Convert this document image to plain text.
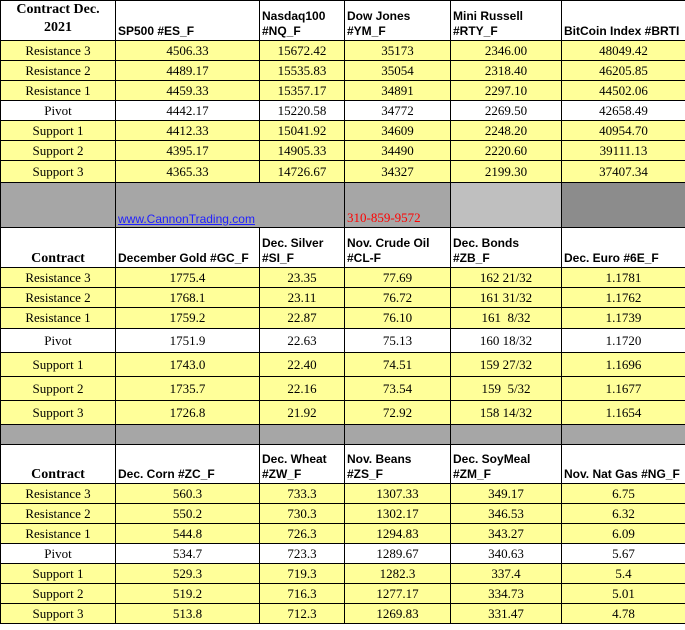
Contract Dec. 2021	SP500 #ES_F	Nasdaq100 #NQ_F	Dow Jones #YM_F	Mini Russell #RTY_F	BitCoin Index #BRTI
Resistance 3	4506.33	15672.42	35173	2346.00	48049.42
Resistance 2	4489.17	15535.83	35054	2318.40	46205.85
Resistance 1	4459.33	15357.17	34891	2297.10	44502.06
Pivot	4442.17	15220.58	34772	2269.50	42658.49
Support 1	4412.33	15041.92	34609	2248.20	40954.70
Support 2	4395.17	14905.33	34490	2220.60	39111.13
Support 3	4365.33	14726.67	34327	2199.30	37407.34
	www.CannonTrading.com		310-859-9572		
Contract	December Gold #GC_F	Dec. Silver #SI_F	Nov. Crude Oil #CL-F	Dec. Bonds #ZB_F	Dec. Euro #6E_F
Resistance 3	1775.4	23.35	77.69	162 21/32	1.1781
Resistance 2	1768.1	23.11	76.72	161 31/32	1.1762
Resistance 1	1759.2	22.87	76.10	161  8/32	1.1739
Pivot	1751.9	22.63	75.13	160 18/32	1.1720
Support 1	1743.0	22.40	74.51	159 27/32	1.1696
Support 2	1735.7	22.16	73.54	159  5/32	1.1677
Support 3	1726.8	21.92	72.92	158 14/32	1.1654

Contract	Dec. Corn #ZC_F	Dec. Wheat #ZW_F	Nov. Beans #ZS_F	Dec. SoyMeal #ZM_F	Nov. Nat Gas #NG_F
Resistance 3	560.3	733.3	1307.33	349.17	6.75
Resistance 2	550.2	730.3	1302.17	346.53	6.32
Resistance 1	544.8	726.3	1294.83	343.27	6.09
Pivot	534.7	723.3	1289.67	340.63	5.67
Support 1	529.3	719.3	1282.3	337.4	5.4
Support 2	519.2	716.3	1277.17	334.73	5.01
Support 3	513.8	712.3	1269.83	331.47	4.78
